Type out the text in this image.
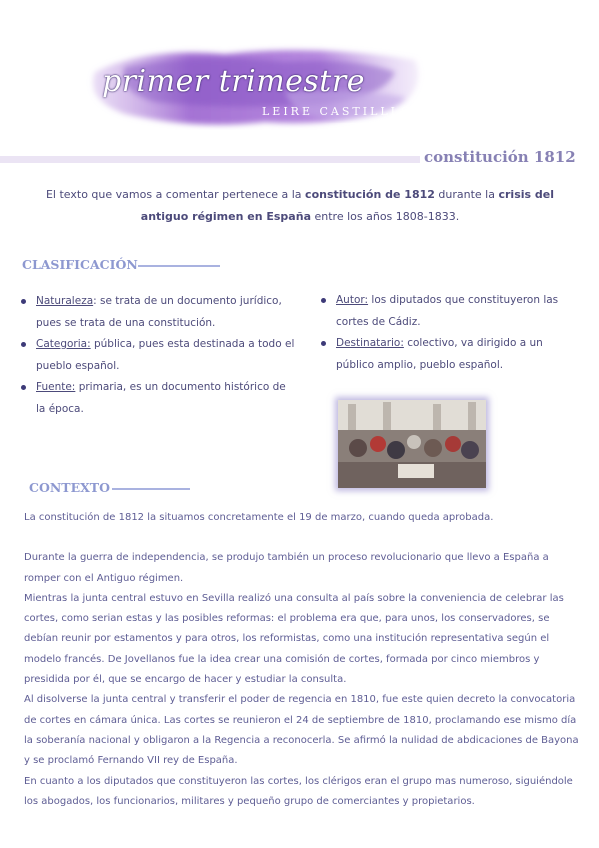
primer trimestre
LEIRE CASTILLLO
constitución 1812
El texto que vamos a comentar pertenece a la constitución de 1812 durante la crisis del antiguo régimen en España entre los años 1808-1833.
CLASIFICACIÓN
Naturaleza: se trata de un documento jurídico, pues se trata de una constitución.
Categoria: pública, pues esta destinada a todo el pueblo español.
Fuente: primaria, es un documento histórico de la época.
Autor: los diputados que constituyeron las cortes de Cádiz.
Destinatario: colectivo, va dirigido a un público amplio, pueblo español.
CONTEXTO

La constitución de 1812 la situamos concretamente el 19 de marzo, cuando queda aprobada.

Durante la guerra de independencia, se produjo también un proceso revolucionario que llevo a España a romper con el Antiguo régimen.

Mientras la junta central estuvo en Sevilla realizó una consulta al país sobre la conveniencia de celebrar las cortes, como serian estas y las posibles reformas: el problema era que, para unos, los conservadores, se debían reunir por estamentos y para otros, los reformistas, como una institución representativa según el modelo francés. De Jovellanos fue la idea crear una comisión de cortes, formada por cinco miembros y presidida por él, que se encargo de hacer y estudiar la consulta.

Al disolverse la junta central y transferir el poder de regencia en 1810, fue este quien decreto la convocatoria de cortes en cámara única. Las cortes se reunieron el 24 de septiembre de 1810, proclamando ese mismo día la soberanía nacional y obligaron a la Regencia a reconocerla. Se afirmó la nulidad de abdicaciones de Bayona y se proclamó Fernando VII rey de España.

En cuanto a los diputados que constituyeron las cortes, los clérigos eran el grupo mas numeroso, siguiéndole los abogados, los funcionarios, militares y pequeño grupo de comerciantes y propietarios.
